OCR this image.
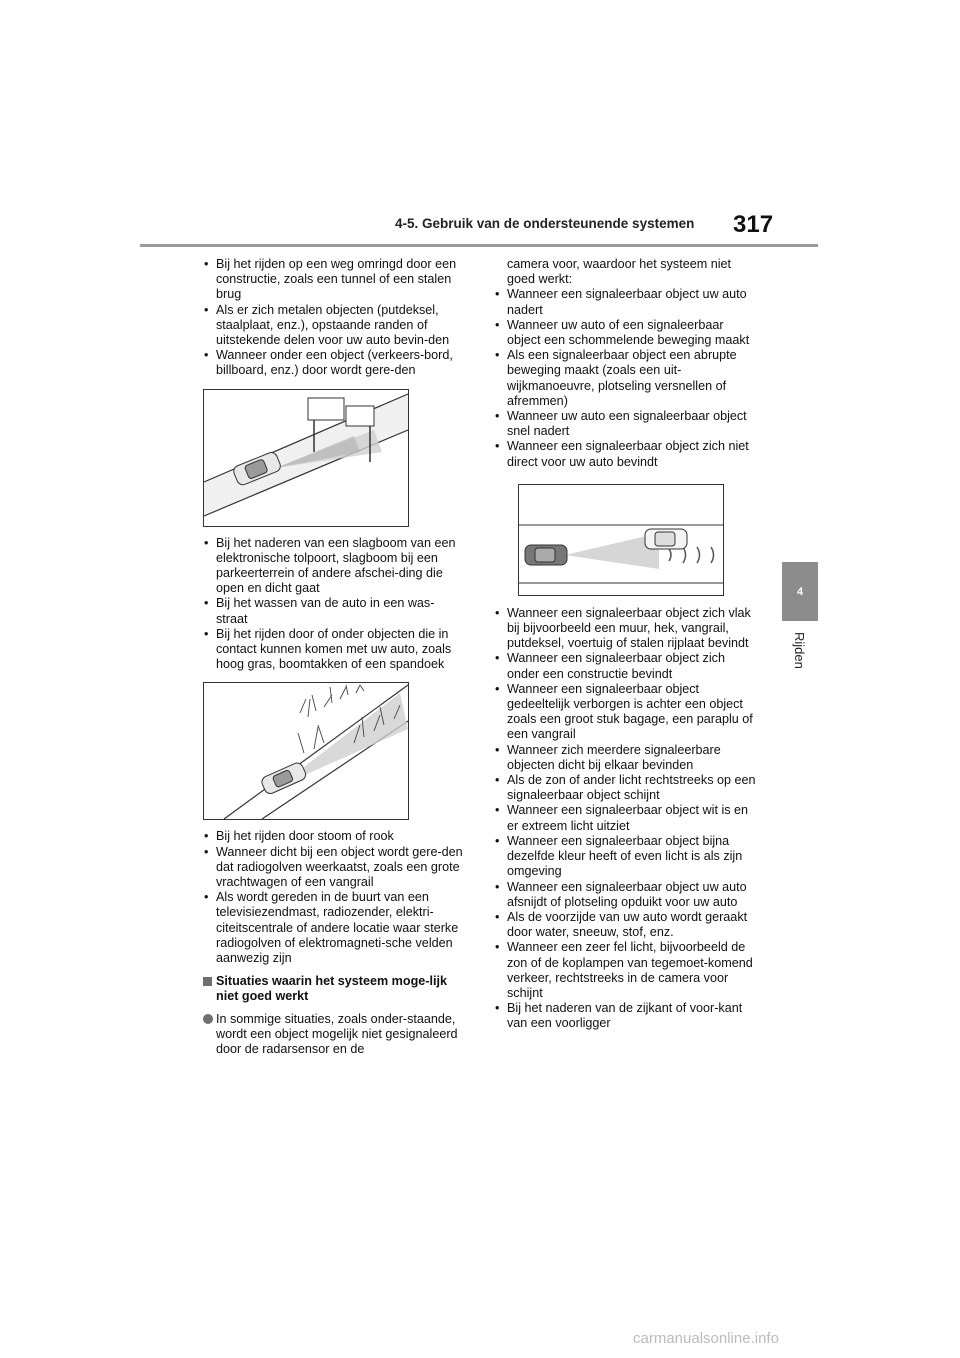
4-5. Gebruik van de ondersteunende systemen 317
4
Rijden
• Bij het rijden op een weg omringd door een constructie, zoals een tunnel of een stalen brug
• Als er zich metalen objecten (putdeksel, staalplaat, enz.), opstaande randen of uitstekende delen voor uw auto bevin-den
• Wanneer onder een object (verkeers-bord, billboard, enz.) door wordt gere-den
• Bij het naderen van een slagboom van een elektronische tolpoort, slagboom bij een parkeerterrein of andere afschei-ding die open en dicht gaat
• Bij het wassen van de auto in een was-straat
• Bij het rijden door of onder objecten die in contact kunnen komen met uw auto, zoals hoog gras, boomtakken of een spandoek
• Bij het rijden door stoom of rook
• Wanneer dicht bij een object wordt gere-den dat radiogolven weerkaatst, zoals een grote vrachtwagen of een vangrail
• Als wordt gereden in de buurt van een televisiezendmast, radiozender, elektri-citeitscentrale of andere locatie waar sterke radiogolven of elektromagneti-sche velden aanwezig zijn
Situaties waarin het systeem moge-lijk niet goed werkt
In sommige situaties, zoals onder-staande, wordt een object mogelijk niet gesignaleerd door de radarsensor en de
camera voor, waardoor het systeem niet goed werkt:
• Wanneer een signaleerbaar object uw auto nadert
• Wanneer uw auto of een signaleerbaar object een schommelende beweging maakt
• Als een signaleerbaar object een abrupte beweging maakt (zoals een uit-wijkmanoeuvre, plotseling versnellen of afremmen)
• Wanneer uw auto een signaleerbaar object snel nadert
• Wanneer een signaleerbaar object zich niet direct voor uw auto bevindt
• Wanneer een signaleerbaar object zich vlak bij bijvoorbeeld een muur, hek, vangrail, putdeksel, voertuig of stalen rijplaat bevindt
• Wanneer een signaleerbaar object zich onder een constructie bevindt
• Wanneer een signaleerbaar object gedeeltelijk verborgen is achter een object zoals een groot stuk bagage, een paraplu of een vangrail
• Wanneer zich meerdere signaleerbare objecten dicht bij elkaar bevinden
• Als de zon of ander licht rechtstreeks op een signaleerbaar object schijnt
• Wanneer een signaleerbaar object wit is en er extreem licht uitziet
• Wanneer een signaleerbaar object bijna dezelfde kleur heeft of even licht is als zijn omgeving
• Wanneer een signaleerbaar object uw auto afsnijdt of plotseling opduikt voor uw auto
• Als de voorzijde van uw auto wordt geraakt door water, sneeuw, stof, enz.
• Wanneer een zeer fel licht, bijvoorbeeld de zon of de koplampen van tegemoet-komend verkeer, rechtstreeks in de camera voor schijnt
• Bij het naderen van de zijkant of voor-kant van een voorligger
carmanualsonline.info
